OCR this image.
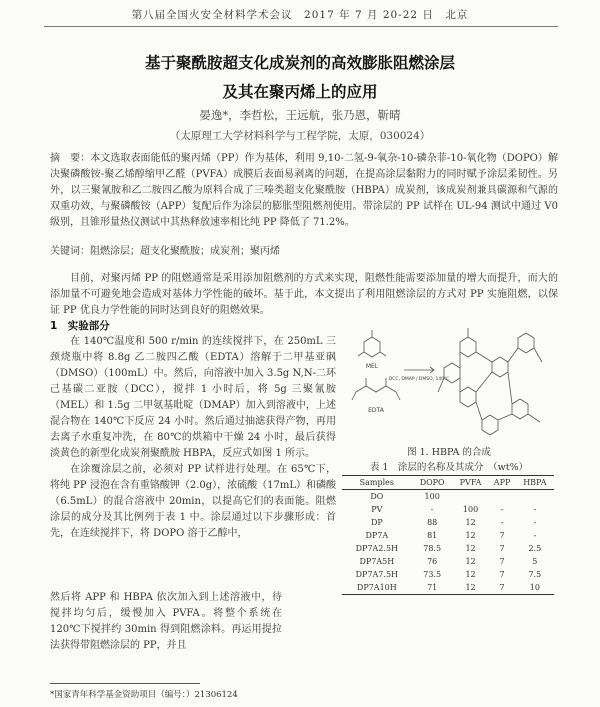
第八届全国火安全材料学术会议　2017 年 7 月 20-22 日　北京
基于聚酰胺超支化成炭剂的高效膨胀阻燃涂层
及其在聚丙烯上的应用
晏逸*，李哲松，王远航，张乃恩，靳晴
（太原理工大学材料科学与工程学院，太原，030024）

摘　要：本文选取表面能低的聚丙烯（PP）作为基体，利用 9,10-二氢-9-氧杂-10-磷杂菲-10-氧化物（DOPO）解决聚磷酸铵-聚乙烯醇缩甲乙醛（PVFA）成膜后表面易剥离的问题，在提高涂层黏附力的同时赋予涂层柔韧性。另外，以三聚氰胺和乙二胺四乙酸为原料合成了三嗪类超支化聚酰胺（HBPA）成炭剂，该成炭剂兼具碳源和气源的双重功效，与聚磷酸铵（APP）复配后作为涂层的膨胀型阻燃剂使用。带涂层的 PP 试样在 UL-94 测试中通过 V0 级别，且锥形量热仪测试中其热释放速率相比纯 PP 降低了 71.2%。

关键词：阻燃涂层；超支化聚酰胺；成炭剂；聚丙烯

目前，对聚丙烯 PP 的阻燃通常是采用添加阻燃剂的方式来实现，阻燃性能需要添加量的增大而提升，而大的添加量不可避免地会造成对基体力学性能的破坏。基于此，本文提出了利用阻燃涂层的方式对 PP 实施阻燃，以保证 PP 优良力学性能的同时达到良好的阻燃效果。

1　实验部分

在 140℃温度和 500 r/min 的连续搅拌下，在 250mL 三颈烧瓶中将 8.8g 乙二胺四乙酸（EDTA）溶解于二甲基亚砜（DMSO）（100mL）中。然后，向溶液中加入 3.5g N,N-二环己基碳二亚胺（DCC），搅拌 1 小时后，将 5g 三聚氰胺（MEL）和 1.5g 二甲氨基吡啶（DMAP）加入到溶液中，上述混合物在 140℃下反应 24 小时。然后通过抽滤获得产物，再用去离子水重复冲洗，在 80℃的烘箱中干燥 24 小时，最后获得淡黄色的新型化成炭剂聚酰胺 HBPA，反应式如图 1 所示。

在涂覆涂层之前，必须对 PP 试样进行处理。在 65℃下，将纯 PP 浸泡在含有重铬酸钾（2.0g），浓硫酸（17mL）和磷酸（6.5mL）的混合溶液中 20min，以提高它们的表面能。阻燃涂层的成分及其比例列于表 1 中。涂层通过以下步骤形成：首先，在连续搅拌下，将 DOPO 溶于乙醇中，

然后将 APP 和 HBPA 依次加入到上述溶液中，待搅拌均匀后，缓慢加入 PVFA。将整个系统在 120℃下搅拌约 30min 得到阻燃涂料。再运用提拉法获得带阻燃涂层的 PP，并且

MEL
EDTA
DCC, DMAP / DMSO, 140℃
图 1. HBPA 的合成
表 1　涂层的名称及其成分　（wt%）
Samples	DOPO	PVFA	APP	HBPA
DO	100			
PV	-	100	-	-
DP	88	12	-	-
DP7A	81	12	7	-
DP7A2.5H	78.5	12	7	2.5
DP7A5H	76	12	7	5
DP7A7.5H	73.5	12	7	7.5
DP7A10H	71	12	7	10
*国家青年科学基金资助项目（编号：）21306124
